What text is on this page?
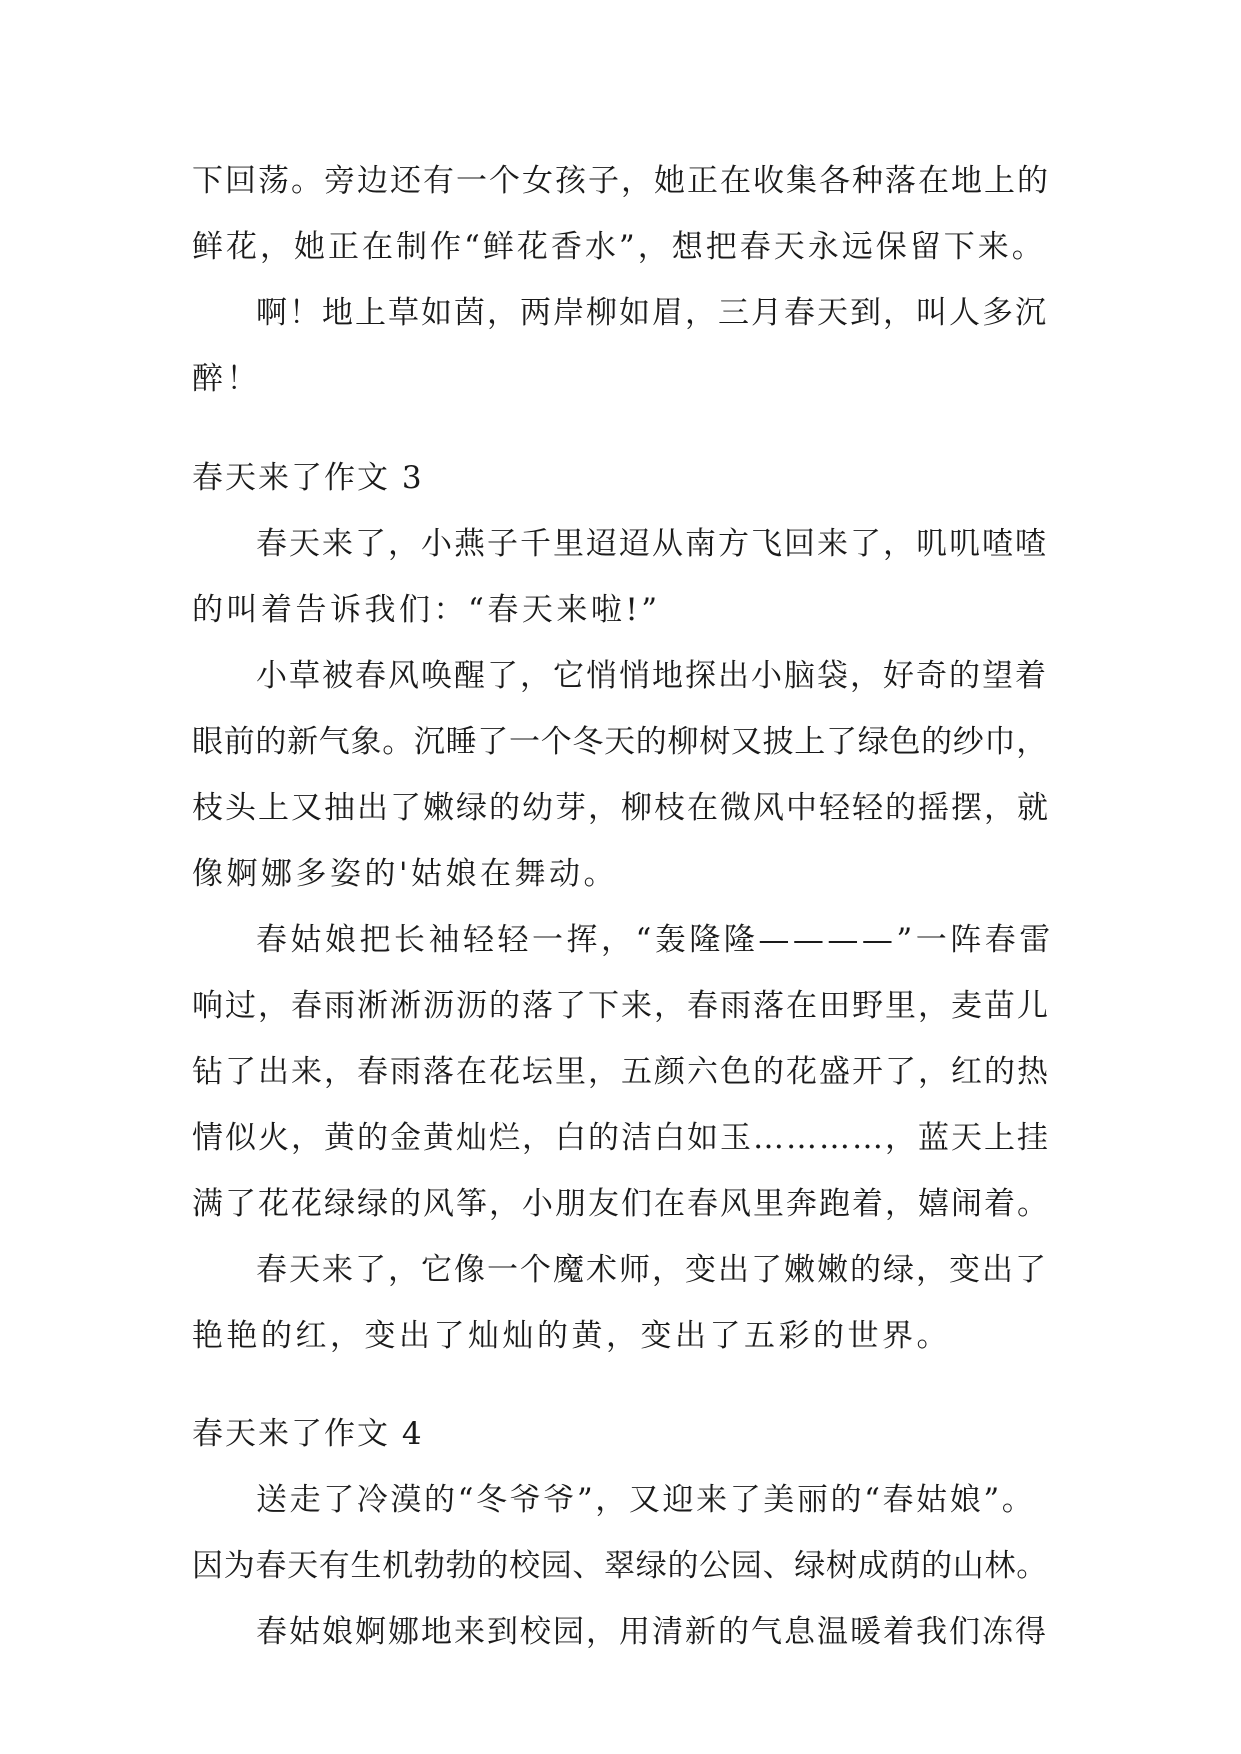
下回荡。旁边还有一个女孩子，她正在收集各种落在地上的
鲜花，她正在制作“鲜花香水”，想把春天永远保留下来。
啊！地上草如茵，两岸柳如眉，三月春天到，叫人多沉
醉！
春天来了作文 3
春天来了，小燕子千里迢迢从南方飞回来了，叽叽喳喳
的叫着告诉我们：“春天来啦!”
小草被春风唤醒了，它悄悄地探出小脑袋，好奇的望着
眼前的新气象。沉睡了一个冬天的柳树又披上了绿色的纱巾，
枝头上又抽出了嫩绿的幼芽，柳枝在微风中轻轻的摇摆，就
像婀娜多姿的'姑娘在舞动。
春姑娘把长袖轻轻一挥，“轰隆隆————”一阵春雷
响过，春雨淅淅沥沥的落了下来，春雨落在田野里，麦苗儿
钻了出来，春雨落在花坛里，五颜六色的花盛开了，红的热
情似火，黄的金黄灿烂，白的洁白如玉…………，蓝天上挂
满了花花绿绿的风筝，小朋友们在春风里奔跑着，嬉闹着。
春天来了，它像一个魔术师，变出了嫩嫩的绿，变出了
艳艳的红，变出了灿灿的黄，变出了五彩的世界。
春天来了作文 4
送走了冷漠的“冬爷爷”，又迎来了美丽的“春姑娘”。
因为春天有生机勃勃的校园、翠绿的公园、绿树成荫的山林。
春姑娘婀娜地来到校园，用清新的气息温暖着我们冻得
